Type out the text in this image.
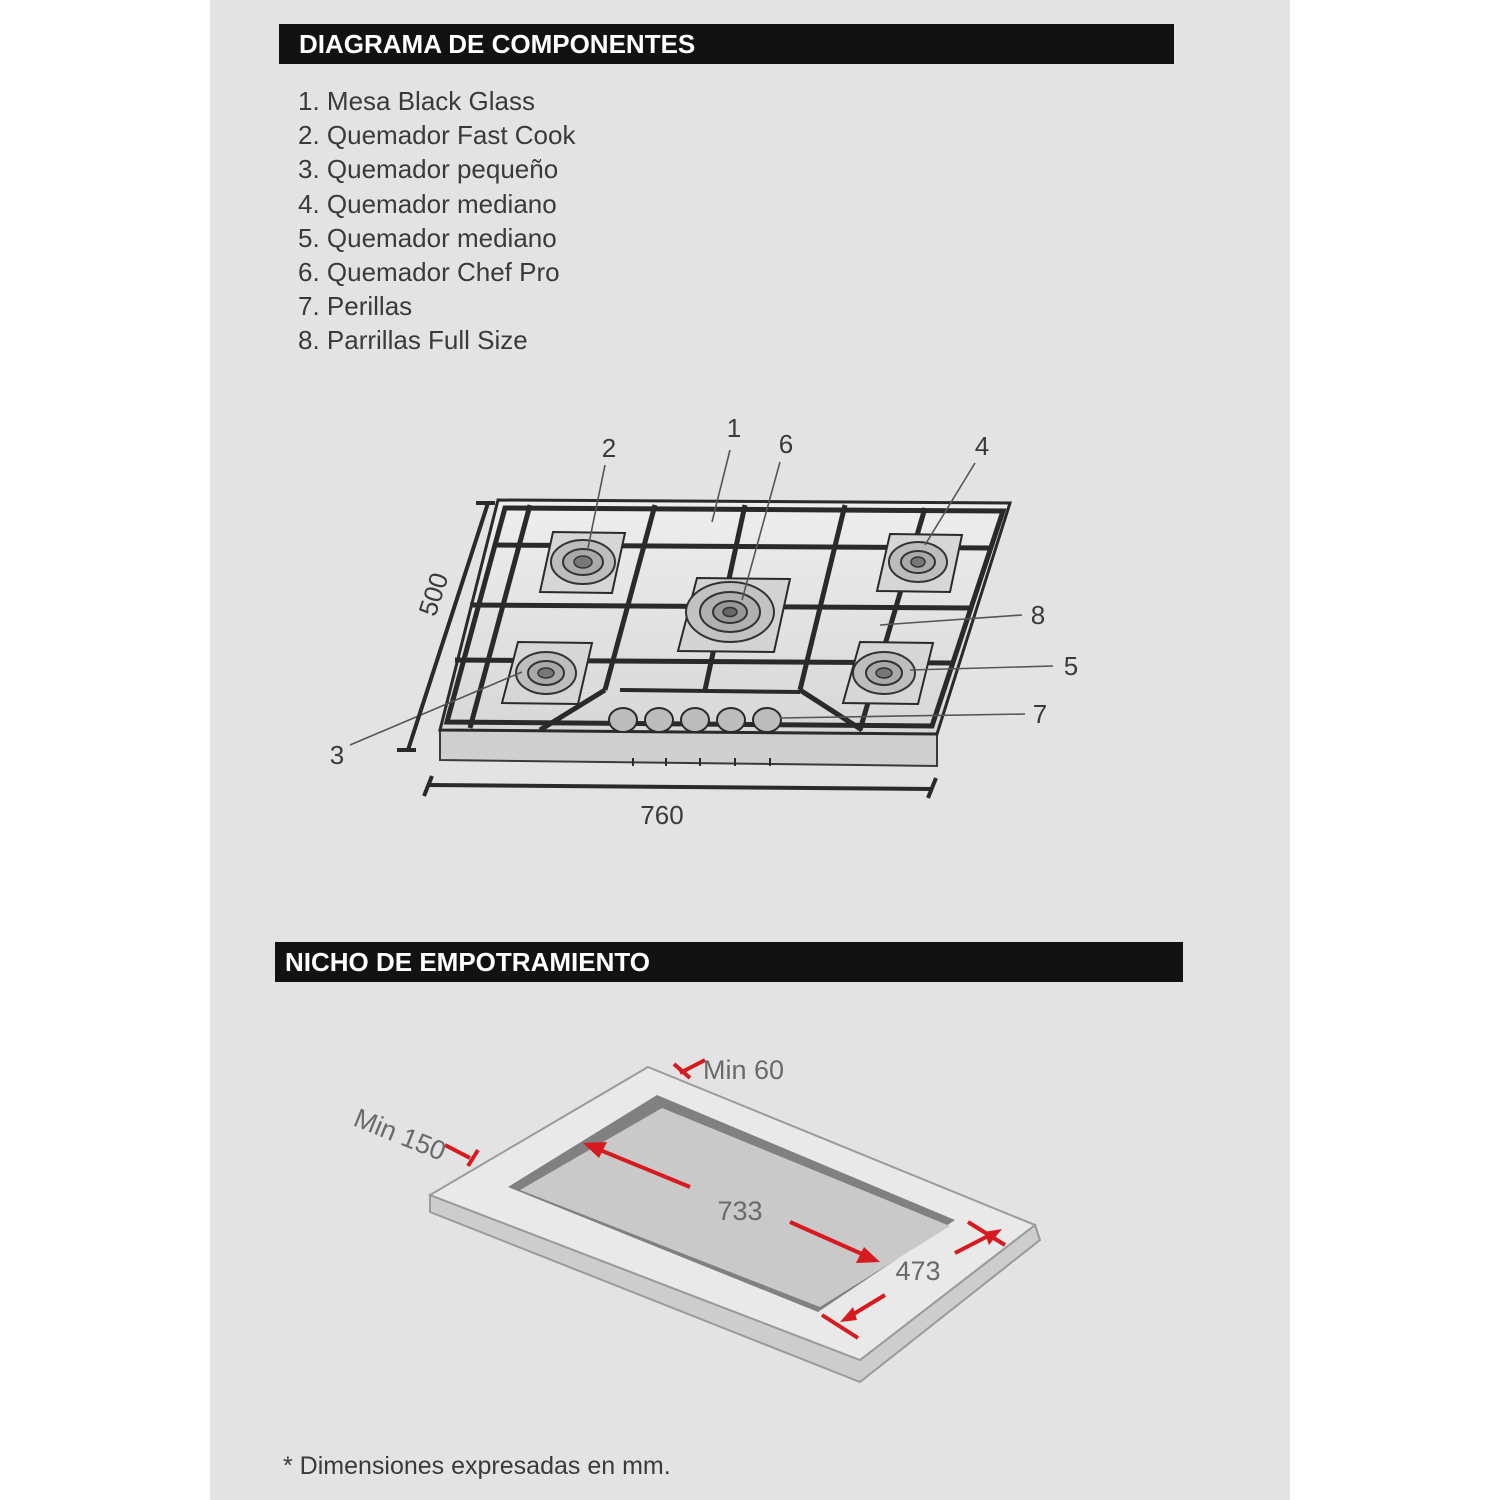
DIAGRAMA DE COMPONENTES
1. Mesa Black Glass
2. Quemador Fast Cook
3. Quemador pequeño
4. Quemador mediano
5. Quemador mediano
6. Quemador Chef Pro
7. Perillas
8. Parrillas Full Size
1
2
3
4
5
6
7
8
500
760
NICHO DE EMPOTRAMIENTO
Min 60
Min 150
733
473
* Dimensiones expresadas en mm.
